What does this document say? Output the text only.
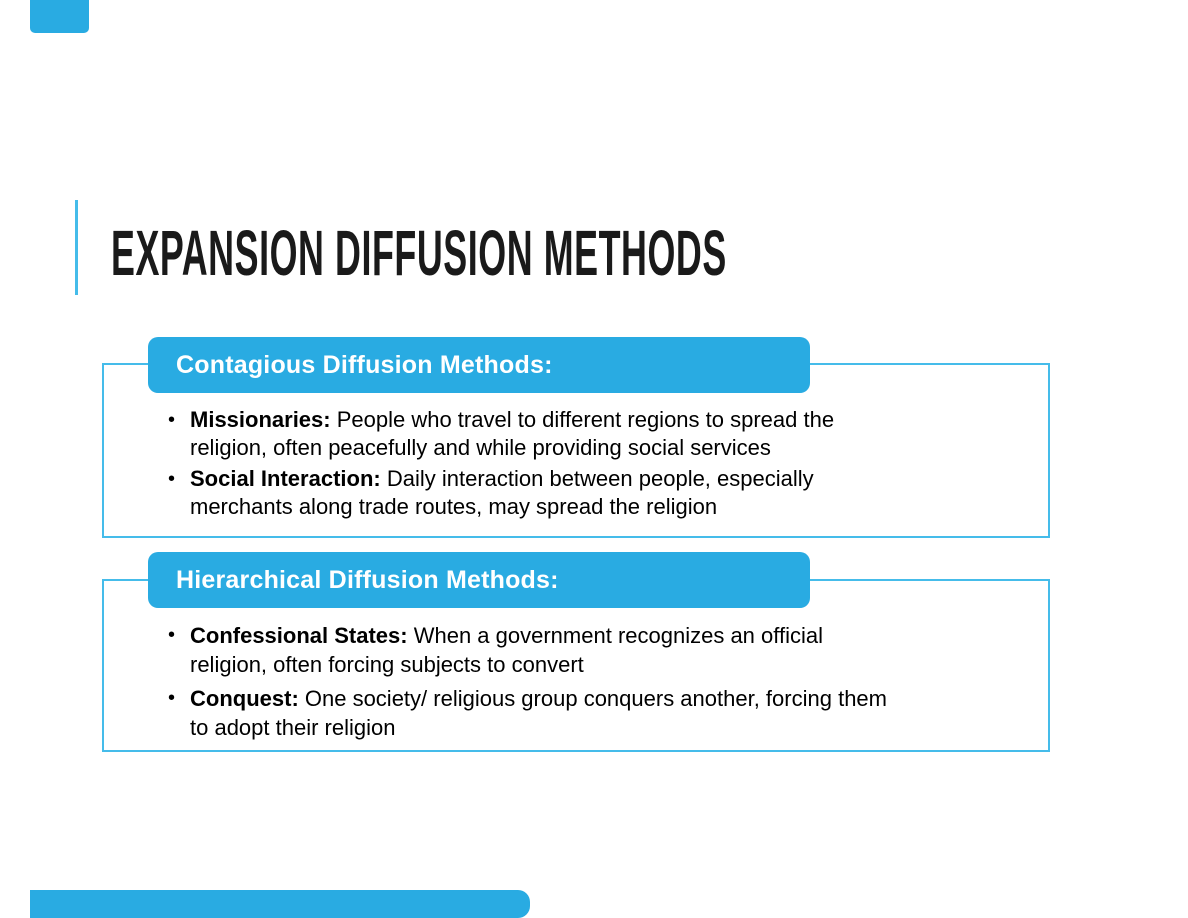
EXPANSION DIFFUSION METHODS
Contagious Diffusion Methods:
• Missionaries: People who travel to different regions to spread the
religion, often peacefully and while providing social services
• Social Interaction: Daily interaction between people, especially
merchants along trade routes, may spread the religion
Hierarchical Diffusion Methods:
• Confessional States: When a government recognizes an official
religion, often forcing subjects to convert
• Conquest: One society/ religious group conquers another, forcing them
to adopt their religion
